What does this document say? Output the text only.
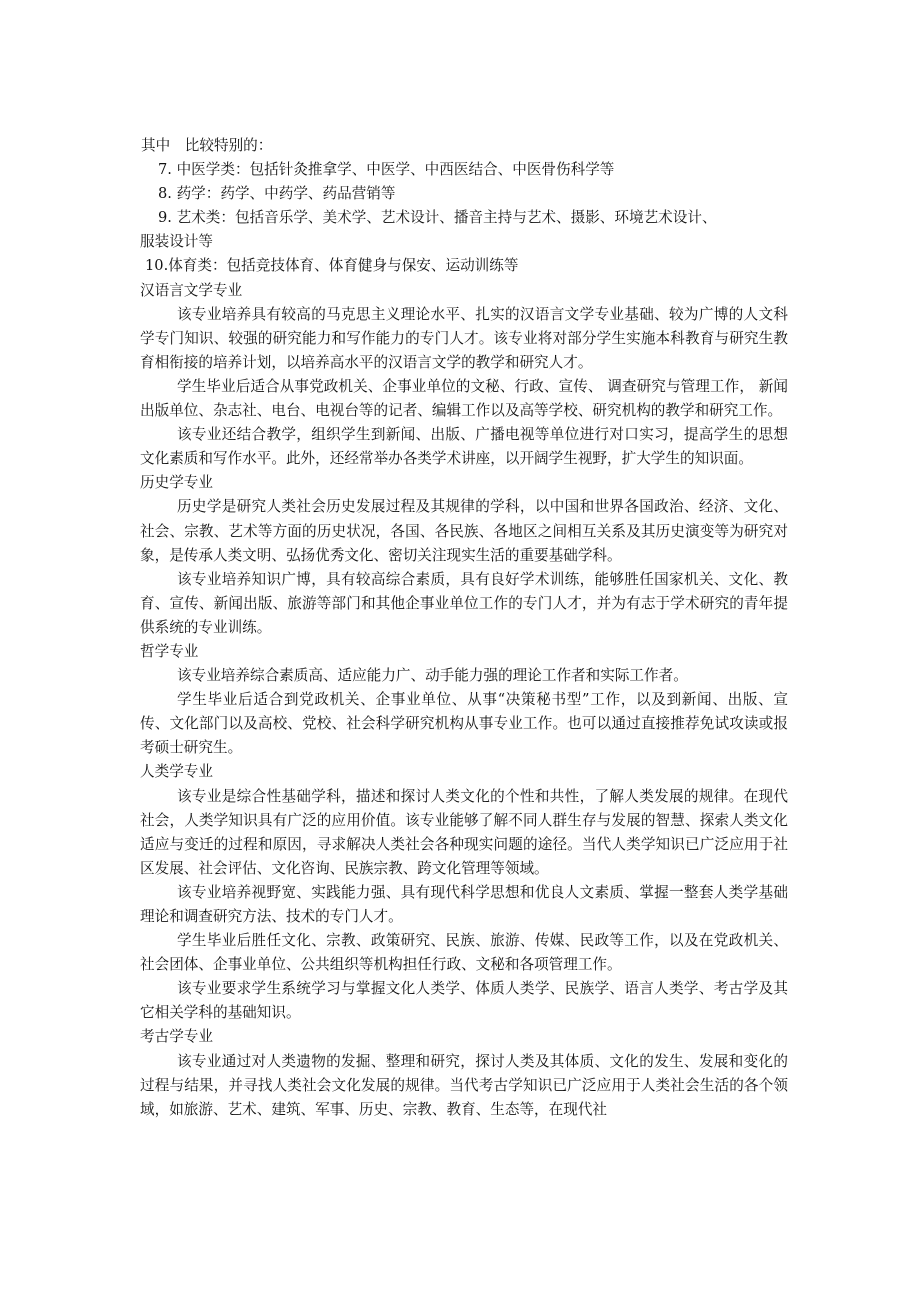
其中　比较特别的：
7. 中医学类：包括针灸推拿学、中医学、中西医结合、中医骨伤科学等
8. 药学：药学、中药学、药品营销等
9. 艺术类：包括音乐学、美术学、艺术设计、播音主持与艺术、摄影、环境艺术设计、
服装设计等
10.体育类：包括竞技体育、体育健身与保安、运动训练等
汉语言文学专业
该专业培养具有较高的马克思主义理论水平、扎实的汉语言文学专业基础、较为广博的人文科学专门知识、较强的研究能力和写作能力的专门人才。该专业将对部分学生实施本科教育与研究生教育相衔接的培养计划，以培养高水平的汉语言文学的教学和研究人才。
学生毕业后适合从事党政机关、企事业单位的文秘、行政、宣传、 调查研究与管理工作， 新闻出版单位、杂志社、电台、电视台等的记者、编辑工作以及高等学校、研究机构的教学和研究工作。
该专业还结合教学，组织学生到新闻、出版、广播电视等单位进行对口实习，提高学生的思想文化素质和写作水平。此外，还经常举办各类学术讲座，以开阔学生视野，扩大学生的知识面。
历史学专业
历史学是研究人类社会历史发展过程及其规律的学科，以中国和世界各国政治、经济、文化、社会、宗教、艺术等方面的历史状况，各国、各民族、各地区之间相互关系及其历史演变等为研究对象，是传承人类文明、弘扬优秀文化、密切关注现实生活的重要基础学科。
该专业培养知识广博，具有较高综合素质，具有良好学术训练，能够胜任国家机关、文化、教育、宣传、新闻出版、旅游等部门和其他企事业单位工作的专门人才，并为有志于学术研究的青年提供系统的专业训练。
哲学专业
该专业培养综合素质高、适应能力广、动手能力强的理论工作者和实际工作者。
学生毕业后适合到党政机关、企事业单位、从事“决策秘书型”工作，以及到新闻、出版、宣传、文化部门以及高校、党校、社会科学研究机构从事专业工作。也可以通过直接推荐免试攻读或报考硕士研究生。
人类学专业
该专业是综合性基础学科，描述和探讨人类文化的个性和共性，了解人类发展的规律。在现代社会，人类学知识具有广泛的应用价值。该专业能够了解不同人群生存与发展的智慧、探索人类文化适应与变迁的过程和原因，寻求解决人类社会各种现实问题的途径。当代人类学知识已广泛应用于社区发展、社会评估、文化咨询、民族宗教、跨文化管理等领域。
该专业培养视野宽、实践能力强、具有现代科学思想和优良人文素质、掌握一整套人类学基础理论和调查研究方法、技术的专门人才。
学生毕业后胜任文化、宗教、政策研究、民族、旅游、传媒、民政等工作，以及在党政机关、社会团体、企事业单位、公共组织等机构担任行政、文秘和各项管理工作。
该专业要求学生系统学习与掌握文化人类学、体质人类学、民族学、语言人类学、考古学及其它相关学科的基础知识。
考古学专业
该专业通过对人类遗物的发掘、整理和研究，探讨人类及其体质、文化的发生、发展和变化的过程与结果，并寻找人类社会文化发展的规律。当代考古学知识已广泛应用于人类社会生活的各个领域，如旅游、艺术、建筑、军事、历史、宗教、教育、生态等，在现代社
